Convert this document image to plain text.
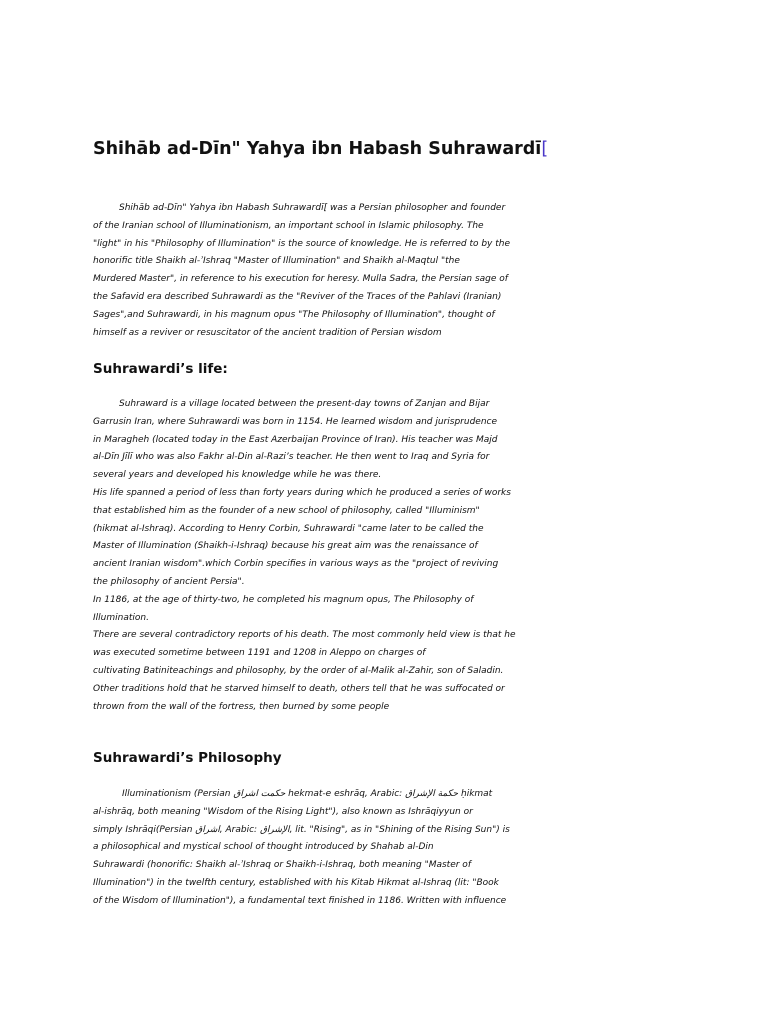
Shihāb ad-Dīn" Yahya ibn Habash Suhrawardī[

Shihāb ad-Dīn" Yahya ibn Habash Suhrawardī[ was a Persian philosopher and founder
of the Iranian school of Illuminationism, an important school in Islamic philosophy. The
"light" in his "Philosophy of Illumination" is the source of knowledge. He is referred to by the
honorific title Shaikh al-ʾIshraq "Master of Illumination" and Shaikh al-Maqtul "the
Murdered Master", in reference to his execution for heresy. Mulla Sadra, the Persian sage of
the Safavid era described Suhrawardi as the "Reviver of the Traces of the Pahlavi (Iranian)
Sages",and Suhrawardi, in his magnum opus "The Philosophy of Illumination", thought of
himself as a reviver or resuscitator of the ancient tradition of Persian wisdom

Suhrawardi’s life:

Suhraward is a village located between the present-day towns of Zanjan and Bijar
Garrusin Iran, where Suhrawardi was born in 1154. He learned wisdom and jurisprudence
in Maragheh (located today in the East Azerbaijan Province of Iran). His teacher was Majd
al-Dīn Jīlī who was also Fakhr al-Din al-Razi’s teacher. He then went to Iraq and Syria for
several years and developed his knowledge while he was there.
His life spanned a period of less than forty years during which he produced a series of works
that established him as the founder of a new school of philosophy, called "Illuminism"
(hikmat al-Ishraq). According to Henry Corbin, Suhrawardi "came later to be called the
Master of Illumination (Shaikh-i-Ishraq) because his great aim was the renaissance of
ancient Iranian wisdom".which Corbin specifies in various ways as the "project of reviving
the philosophy of ancient Persia".
In 1186, at the age of thirty-two, he completed his magnum opus, The Philosophy of
Illumination.
There are several contradictory reports of his death. The most commonly held view is that he
was executed sometime between 1191 and 1208 in Aleppo on charges of
cultivating Batiniteachings and philosophy, by the order of al-Malik al-Zahir, son of Saladin.
Other traditions hold that he starved himself to death, others tell that he was suffocated or
thrown from the wall of the fortress, then burned by some people

Suhrawardi’s Philosophy

Illuminationism (Persian حکمت اشراق hekmat-e eshrāq, Arabic: حكمة الإشراق ḥikmat
al-ishrāq, both meaning "Wisdom of the Rising Light"), also known as Ishrāqiyyun or
simply Ishrāqi(Persian اشراق, Arabic: الإشراق, lit. "Rising", as in "Shining of the Rising Sun") is
a philosophical and mystical school of thought introduced by Shahab al-Din
Suhrawardi (honorific: Shaikh al-ʾIshraq or Shaikh-i-Ishraq, both meaning "Master of
Illumination") in the twelfth century, established with his Kitab Hikmat al-Ishraq (lit: "Book
of the Wisdom of Illumination"), a fundamental text finished in 1186. Written with influence
